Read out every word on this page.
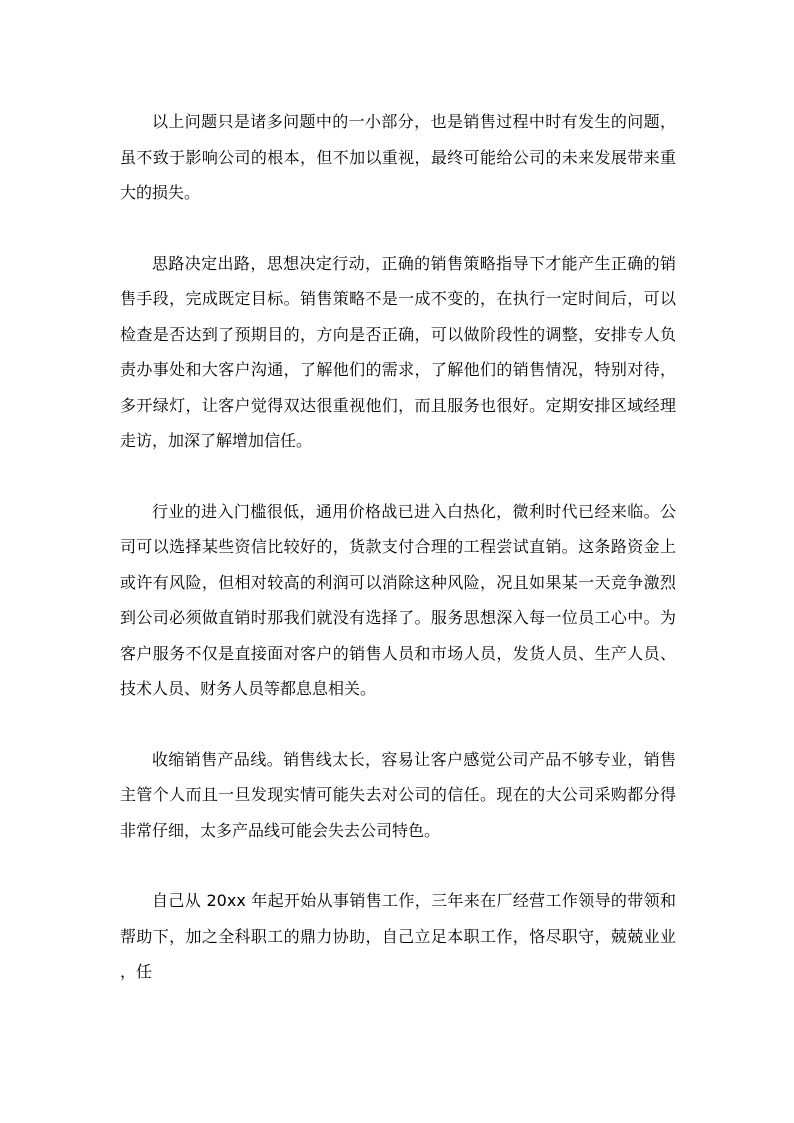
以上问题只是诸多问题中的一小部分，也是销售过程中时有发生的问题，虽不致于影响公司的根本，但不加以重视，最终可能给公司的未来发展带来重大的损失。

思路决定出路，思想决定行动，正确的销售策略指导下才能产生正确的销售手段，完成既定目标。销售策略不是一成不变的，在执行一定时间后，可以检查是否达到了预期目的，方向是否正确，可以做阶段性的调整，安排专人负责办事处和大客户沟通，了解他们的需求，了解他们的销售情况，特别对待，多开绿灯，让客户觉得双达很重视他们，而且服务也很好。定期安排区域经理走访，加深了解增加信任。

行业的进入门槛很低，通用价格战已进入白热化，微利时代已经来临。公司可以选择某些资信比较好的，货款支付合理的工程尝试直销。这条路资金上或许有风险，但相对较高的利润可以消除这种风险，况且如果某一天竞争激烈到公司必须做直销时那我们就没有选择了。服务思想深入每一位员工心中。为客户服务不仅是直接面对客户的销售人员和市场人员，发货人员、生产人员、技术人员、财务人员等都息息相关。

收缩销售产品线。销售线太长，容易让客户感觉公司产品不够专业，销售主管个人而且一旦发现实情可能失去对公司的信任。现在的大公司采购都分得非常仔细，太多产品线可能会失去公司特色。

自己从 20xx 年起开始从事销售工作，三年来在厂经营工作领导的带领和帮助下，加之全科职工的鼎力协助，自己立足本职工作，恪尽职守，兢兢业业，任
